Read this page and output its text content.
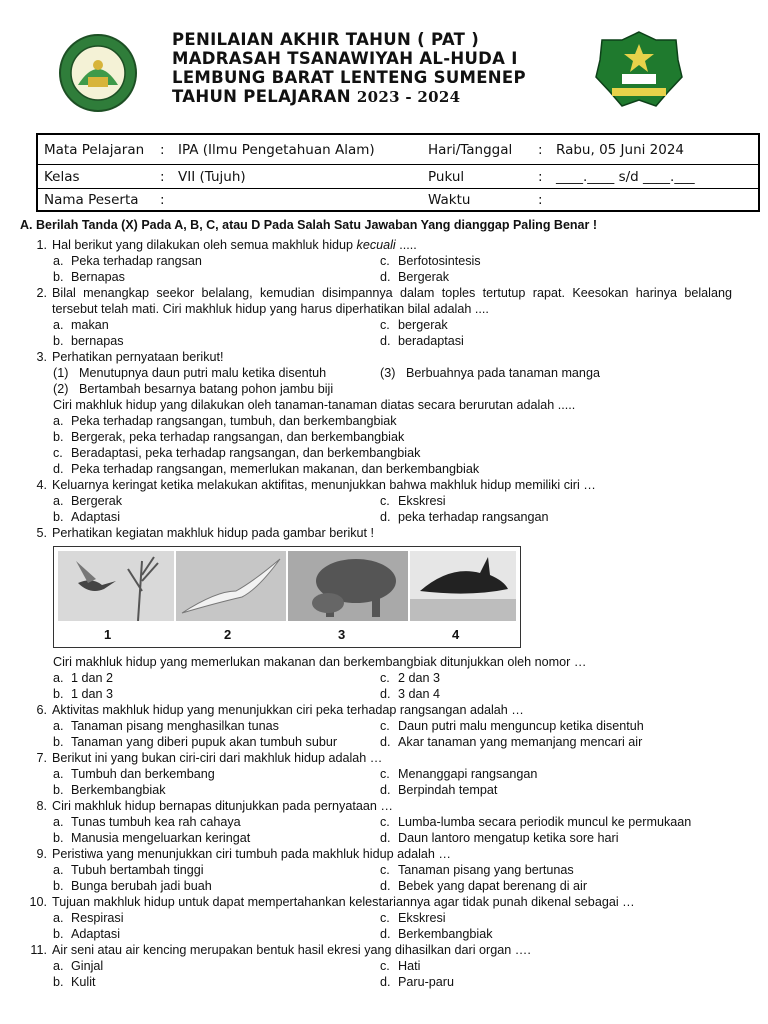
PENILAIAN AKHIR TAHUN ( PAT )
MADRASAH TSANAWIYAH AL-HUDA I
LEMBUNG BARAT LENTENG SUMENEP
TAHUN PELAJARAN 2023 - 2024
Mata Pelajaran	: IPA (Ilmu Pengetahuan Alam)	Hari/Tanggal	: Rabu, 05 Juni 2024
Kelas	: VII (Tujuh)	Pukul	: ____.____ s/d ____.___
Nama Peserta	:	Waktu	:
A. Berilah Tanda (X) Pada A, B, C, atau D Pada Salah Satu Jawaban Yang dianggap Paling Benar !
1. Hal berikut yang dilakukan oleh semua makhluk hidup kecuali .....
a. Peka terhadap rangsan	c. Berfotosintesis
b. Bernapas	d. Bergerak
2. Bilal menangkap seekor belalang, kemudian disimpannya dalam toples tertutup rapat. Keesokan harinya belalang tersebut telah mati. Ciri makhluk hidup yang harus diperhatikan bilal adalah ....
a. makan	c. bergerak
b. bernapas	d. beradaptasi
3. Perhatikan pernyataan berikut!
(1) Menutupnya daun putri malu ketika disentuh	(3) Berbuahnya pada tanaman manga
(2) Bertambah besarnya batang pohon jambu biji
Ciri makhluk hidup yang dilakukan oleh tanaman-tanaman diatas secara berurutan adalah .....
a. Peka terhadap rangsangan, tumbuh, dan berkembangbiak
b. Bergerak, peka terhadap rangsangan, dan berkembangbiak
c. Beradaptasi, peka terhadap rangsangan, dan berkembangbiak
d. Peka terhadap rangsangan, memerlukan makanan, dan berkembangbiak
4. Keluarnya keringat ketika melakukan aktifitas, menunjukkan bahwa makhluk hidup memiliki ciri …
a. Bergerak	c. Ekskresi
b. Adaptasi	d. peka terhadap rangsangan
5. Perhatikan kegiatan makhluk hidup pada gambar berikut !
1	2	3	4
Ciri makhluk hidup yang memerlukan makanan dan berkembangbiak ditunjukkan oleh nomor …
a. 1 dan 2	c. 2 dan 3
b. 1 dan 3	d. 3 dan 4
6. Aktivitas makhluk hidup yang menunjukkan ciri peka terhadap rangsangan adalah …
a. Tanaman pisang menghasilkan tunas	c. Daun putri malu menguncup ketika disentuh
b. Tanaman yang diberi pupuk akan tumbuh subur	d. Akar tanaman yang memanjang mencari air
7. Berikut ini yang bukan ciri-ciri dari makhluk hidup adalah …
a. Tumbuh dan berkembang	c. Menanggapi rangsangan
b. Berkembangbiak	d. Berpindah tempat
8. Ciri makhluk hidup bernapas ditunjukkan pada pernyataan …
a. Tunas tumbuh kea rah cahaya	c. Lumba-lumba secara periodik muncul ke permukaan
b. Manusia mengeluarkan keringat	d. Daun lantoro mengatup ketika sore hari
9. Peristiwa yang menunjukkan ciri tumbuh pada makhluk hidup adalah …
a. Tubuh bertambah tinggi	c. Tanaman pisang yang bertunas
b. Bunga berubah jadi buah	d. Bebek yang dapat berenang di air
10. Tujuan makhluk hidup untuk dapat mempertahankan kelestariannya agar tidak punah dikenal sebagai …
a. Respirasi	c. Ekskresi
b. Adaptasi	d. Berkembangbiak
11. Air seni atau air kencing merupakan bentuk hasil ekresi yang dihasilkan dari organ ….
a. Ginjal	c. Hati
b. Kulit	d. Paru-paru
